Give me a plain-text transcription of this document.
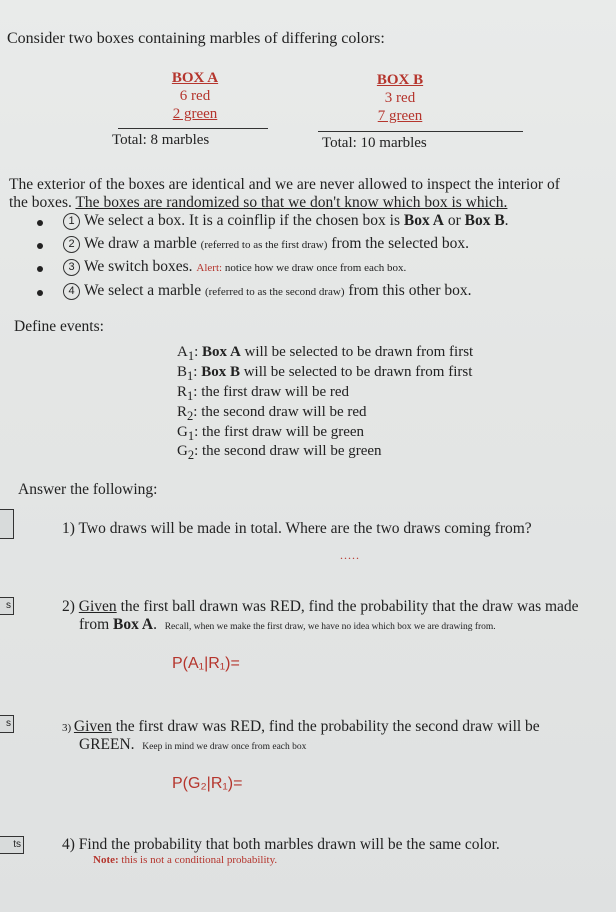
Consider two boxes containing marbles of differing colors:
BOX A
6 red
2 green
Total: 8 marbles
BOX B
3 red
7 green
Total: 10 marbles
The exterior of the boxes are identical and we are never allowed to inspect the interior of
the boxes. The boxes are randomized so that we don't know which box is which.
1 We select a box. It is a coinflip if the chosen box is Box A or Box B.
2 We draw a marble (referred to as the first draw) from the selected box.
3 We switch boxes. Alert: notice how we draw once from each box.
4 We select a marble (referred to as the second draw) from this other box.
Define events:
$A_1$: Box A will be selected to be drawn from first
$B_1$: Box B will be selected to be drawn from first
$R_1$: the first draw will be red
$R_2$: the second draw will be red
$G_1$: the first draw will be green
$G_2$: the second draw will be green
Answer the following:
s
s
ts
1) Two draws will be made in total. Where are the two draws coming from?
.....
2) Given the first ball drawn was RED, find the probability that the draw was made
from Box A. Recall, when we make the first draw, we have no idea which box we are drawing from.
P(A₁|R₁)=
3) Given the first draw was RED, find the probability the second draw will be
GREEN. Keep in mind we draw once from each box
P(G₂|R₁)=
4) Find the probability that both marbles drawn will be the same color.
Note: this is not a conditional probability.
